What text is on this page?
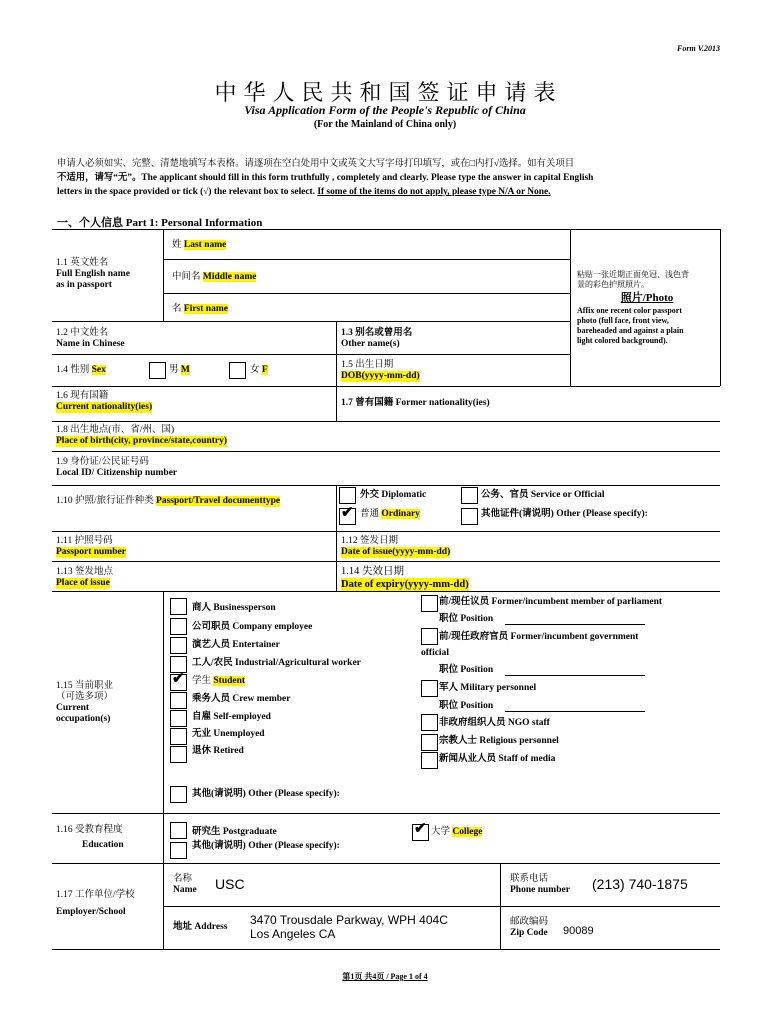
Form V.2013
中 华 人 民 共 和 国 签 证 申 请 表
Visa Application Form of the People's Republic of China
(For the Mainland of China only)
申请人必须如实、完整、清楚地填写本表格。请逐项在空白处用中文或英文大写字母打印填写，或在□内打√选择。如有关项目
不适用，请写“无”。The applicant should fill in this form truthfully , completely and clearly. Please type the answer in capital English
letters in the space provided or tick (√) the relevant box to select. If some of the items do not apply, please type N/A or None.
一、个人信息 Part 1: Personal Information
1.1 英文姓名
Full English name
as in passport
姓 Last name
中间名 Middle name
名 First name
粘贴一张近期正面免冠、浅色背
景的彩色护照照片。
照片/Photo
Affix one recent color passport
photo (full face, front view,
bareheaded and against a plain
light colored background).
1.2 中文姓名
Name in Chinese
1.3 别名或曾用名
Other name(s)
1.4 性别 Sex	男 M	女 F	1.5 出生日期
DOB(yyyy-mm-dd)
1.6 现有国籍
Current nationality(ies)	1.7 曾有国籍 Former nationality(ies)
1.8 出生地点(市、省/州、国)
Place of birth(city, province/state,country)
1.9 身份证/公民证号码
Local ID/ Citizenship number
1.10 护照/旅行证件种类 Passport/Travel documenttype
外交 Diplomatic	公务、官员 Service or Official
✔ 普通 Ordinary	其他证件(请说明) Other (Please specify):
1.11 护照号码
Passport number
1.12 签发日期
Date of issue(yyyy-mm-dd)
1.13 签发地点
Place of issue
1.14 失效日期
Date of expiry(yyyy-mm-dd)
1.15 当前职业
（可选多项）
Current
occupation(s)
商人 Businessperson
公司职员 Company employee
演艺人员 Entertainer
工人/农民 Industrial/Agricultural worker
✔ 学生 Student
乘务人员 Crew member
自雇 Self-employed
无业 Unemployed
退休 Retired
其他(请说明) Other (Please specify):
前/现任议员 Former/incumbent member of parliament
职位 Position
前/现任政府官员 Former/incumbent government
official
职位 Position
军人 Military personnel
职位 Position
非政府组织人员 NGO staff
宗教人士 Religious personnel
新闻从业人员 Staff of media
1.16 受教育程度
Education
研究生 Postgraduate
其他(请说明) Other (Please specify):
✔ 大学 College
1.17 工作单位/学校
Employer/School
名称
Name USC	联系电话
Phone number (213) 740-1875
地址 Address 3470 Trousdale Parkway, WPH 404C
Los Angeles CA
邮政编码
Zip Code 90089
第1页 共4页 / Page 1 of 4
